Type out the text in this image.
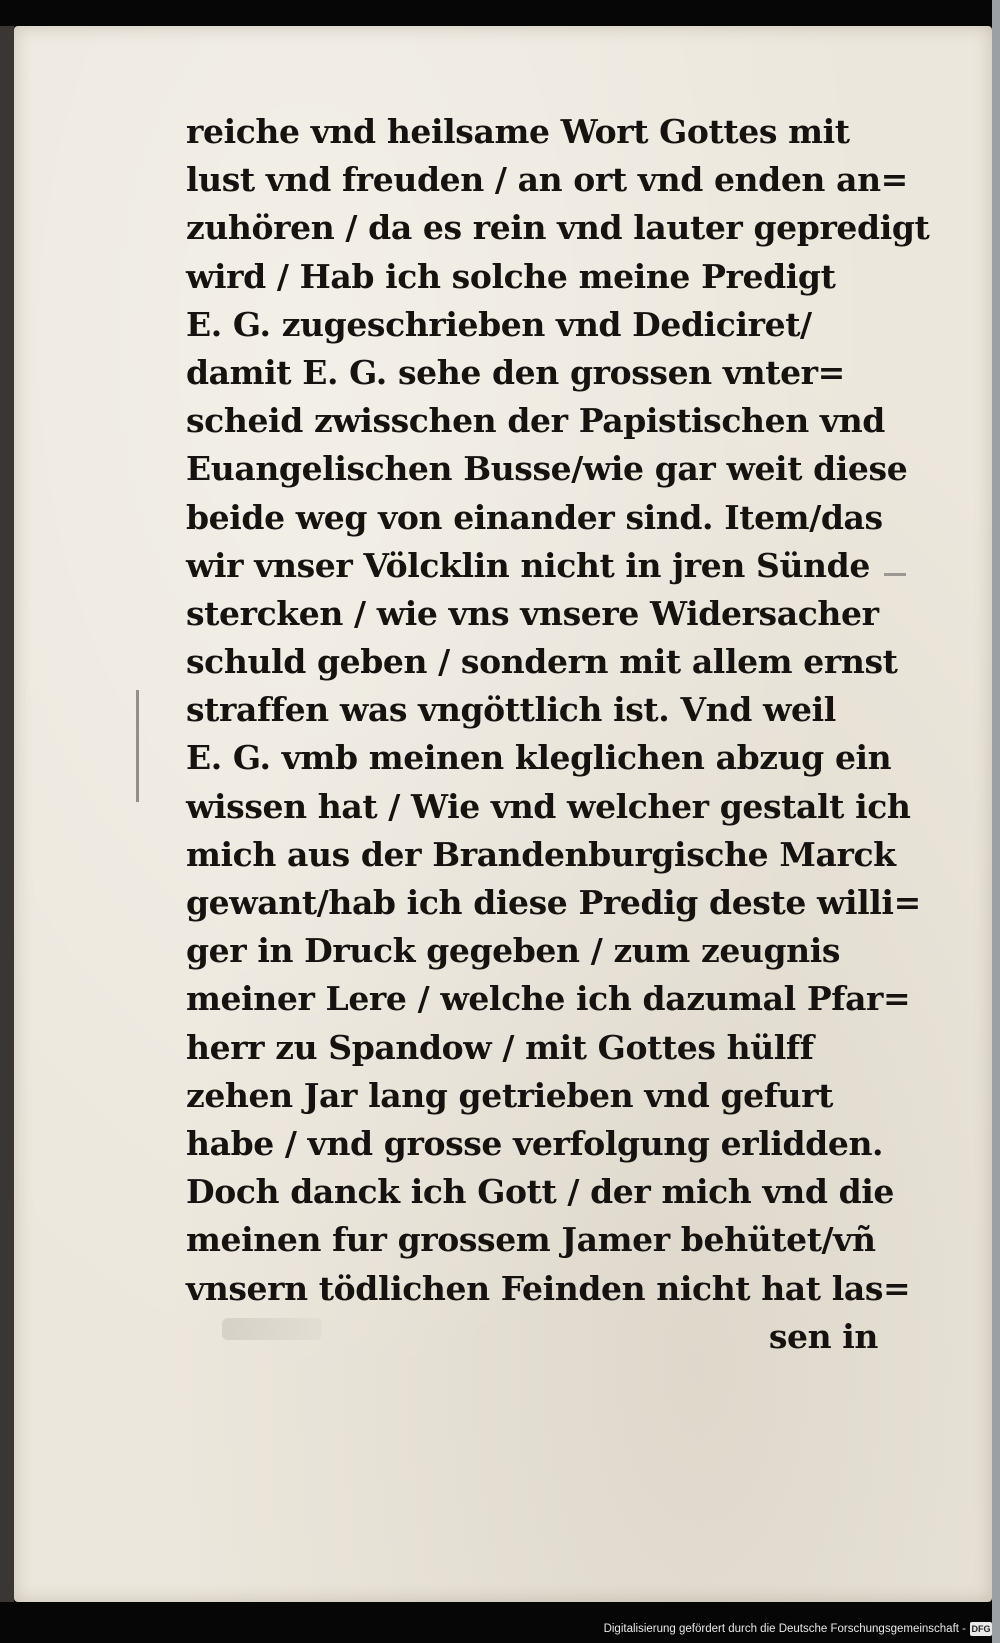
reiche vnd heilsame Wort Gottes mit
lust vnd freuden / an ort vnd enden an=
zuhören / da es rein vnd lauter gepredigt
wird / Hab ich solche meine Predigt
E. G. zugeschrieben vnd Dediciret/
damit E. G. sehe den grossen vnter=
scheid zwisschen der Papistischen vnd
Euangelischen Busse/wie gar weit diese
beide weg von einander sind. Item/das
wir vnser Völcklin nicht in jren Sünde
stercken / wie vns vnsere Widersacher
schuld geben / sondern mit allem ernst
straffen was vngöttlich ist. Vnd weil
E. G. vmb meinen kleglichen abzug ein
wissen hat / Wie vnd welcher gestalt ich
mich aus der Brandenburgische Marck
gewant/hab ich diese Predig deste willi=
ger in Druck gegeben / zum zeugnis
meiner Lere / welche ich dazumal Pfar=
herr zu Spandow / mit Gottes hülff
zehen Jar lang getrieben vnd gefurt
habe / vnd grosse verfolgung erlidden.
Doch danck ich Gott / der mich vnd die
meinen fur grossem Jamer behütet/vñ
vnsern tödlichen Feinden nicht hat las=
sen in
Digitalisierung gefördert durch die Deutsche Forschungsgemeinschaft - DFG
